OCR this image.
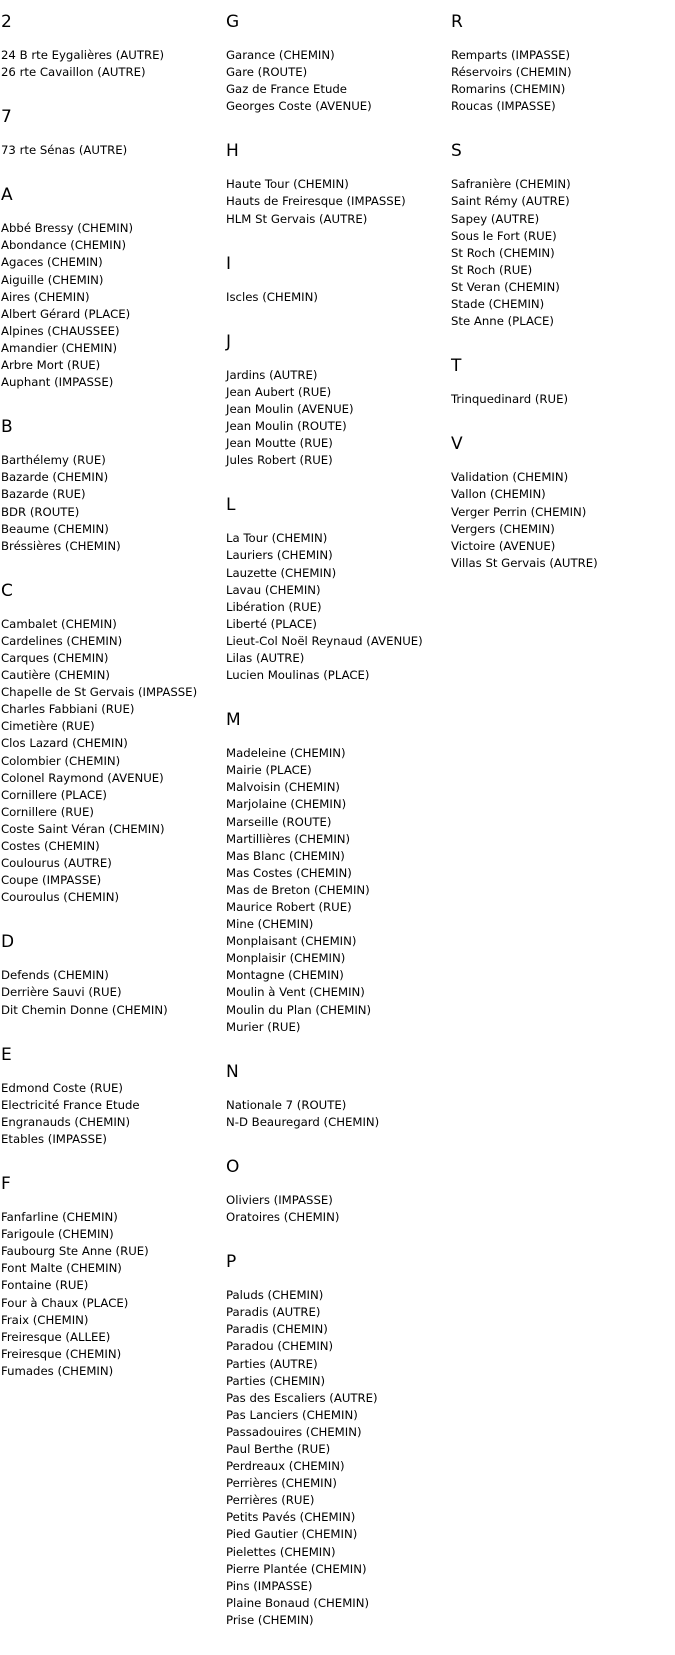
2
24 B rte Eygalières (AUTRE)
26 rte Cavaillon (AUTRE)
7
73 rte Sénas (AUTRE)
A
Abbé Bressy (CHEMIN)
Abondance (CHEMIN)
Agaces (CHEMIN)
Aiguille (CHEMIN)
Aires (CHEMIN)
Albert Gérard (PLACE)
Alpines (CHAUSSEE)
Amandier (CHEMIN)
Arbre Mort (RUE)
Auphant (IMPASSE)
B
Barthélemy (RUE)
Bazarde (CHEMIN)
Bazarde (RUE)
BDR (ROUTE)
Beaume (CHEMIN)
Bréssières (CHEMIN)
C
Cambalet (CHEMIN)
Cardelines (CHEMIN)
Carques (CHEMIN)
Cautière (CHEMIN)
Chapelle de St Gervais (IMPASSE)
Charles Fabbiani (RUE)
Cimetière (RUE)
Clos Lazard (CHEMIN)
Colombier (CHEMIN)
Colonel Raymond (AVENUE)
Cornillere (PLACE)
Cornillere (RUE)
Coste Saint Véran (CHEMIN)
Costes (CHEMIN)
Coulourus (AUTRE)
Coupe (IMPASSE)
Couroulus (CHEMIN)
D
Defends (CHEMIN)
Derrière Sauvi (RUE)
Dit Chemin Donne (CHEMIN)
E
Edmond Coste (RUE)
Electricité France Etude
Engranauds (CHEMIN)
Etables (IMPASSE)
F
Fanfarline (CHEMIN)
Farigoule (CHEMIN)
Faubourg Ste Anne (RUE)
Font Malte (CHEMIN)
Fontaine (RUE)
Four à Chaux (PLACE)
Fraix (CHEMIN)
Freiresque (ALLEE)
Freiresque (CHEMIN)
Fumades (CHEMIN)
G
Garance (CHEMIN)
Gare (ROUTE)
Gaz de France Etude
Georges Coste (AVENUE)
H
Haute Tour (CHEMIN)
Hauts de Freiresque (IMPASSE)
HLM St Gervais (AUTRE)
I
Iscles (CHEMIN)
J
Jardins (AUTRE)
Jean Aubert (RUE)
Jean Moulin (AVENUE)
Jean Moulin (ROUTE)
Jean Moutte (RUE)
Jules Robert (RUE)
L
La Tour (CHEMIN)
Lauriers (CHEMIN)
Lauzette (CHEMIN)
Lavau (CHEMIN)
Libération (RUE)
Liberté (PLACE)
Lieut-Col Noël Reynaud (AVENUE)
Lilas (AUTRE)
Lucien Moulinas (PLACE)
M
Madeleine (CHEMIN)
Mairie (PLACE)
Malvoisin (CHEMIN)
Marjolaine (CHEMIN)
Marseille (ROUTE)
Martillières (CHEMIN)
Mas Blanc (CHEMIN)
Mas Costes (CHEMIN)
Mas de Breton (CHEMIN)
Maurice Robert (RUE)
Mine (CHEMIN)
Monplaisant (CHEMIN)
Monplaisir (CHEMIN)
Montagne (CHEMIN)
Moulin à Vent (CHEMIN)
Moulin du Plan (CHEMIN)
Murier (RUE)
N
Nationale 7 (ROUTE)
N-D Beauregard (CHEMIN)
O
Oliviers (IMPASSE)
Oratoires (CHEMIN)
P
Paluds (CHEMIN)
Paradis (AUTRE)
Paradis (CHEMIN)
Paradou (CHEMIN)
Parties (AUTRE)
Parties (CHEMIN)
Pas des Escaliers (AUTRE)
Pas Lanciers (CHEMIN)
Passadouires (CHEMIN)
Paul Berthe (RUE)
Perdreaux (CHEMIN)
Perrières (CHEMIN)
Perrières (RUE)
Petits Pavés (CHEMIN)
Pied Gautier (CHEMIN)
Pielettes (CHEMIN)
Pierre Plantée (CHEMIN)
Pins (IMPASSE)
Plaine Bonaud (CHEMIN)
Prise (CHEMIN)
R
Remparts (IMPASSE)
Réservoirs (CHEMIN)
Romarins (CHEMIN)
Roucas (IMPASSE)
S
Safranière (CHEMIN)
Saint Rémy (AUTRE)
Sapey (AUTRE)
Sous le Fort (RUE)
St Roch (CHEMIN)
St Roch (RUE)
St Veran (CHEMIN)
Stade (CHEMIN)
Ste Anne (PLACE)
T
Trinquedinard (RUE)
V
Validation (CHEMIN)
Vallon (CHEMIN)
Verger Perrin (CHEMIN)
Vergers (CHEMIN)
Victoire (AVENUE)
Villas St Gervais (AUTRE)
